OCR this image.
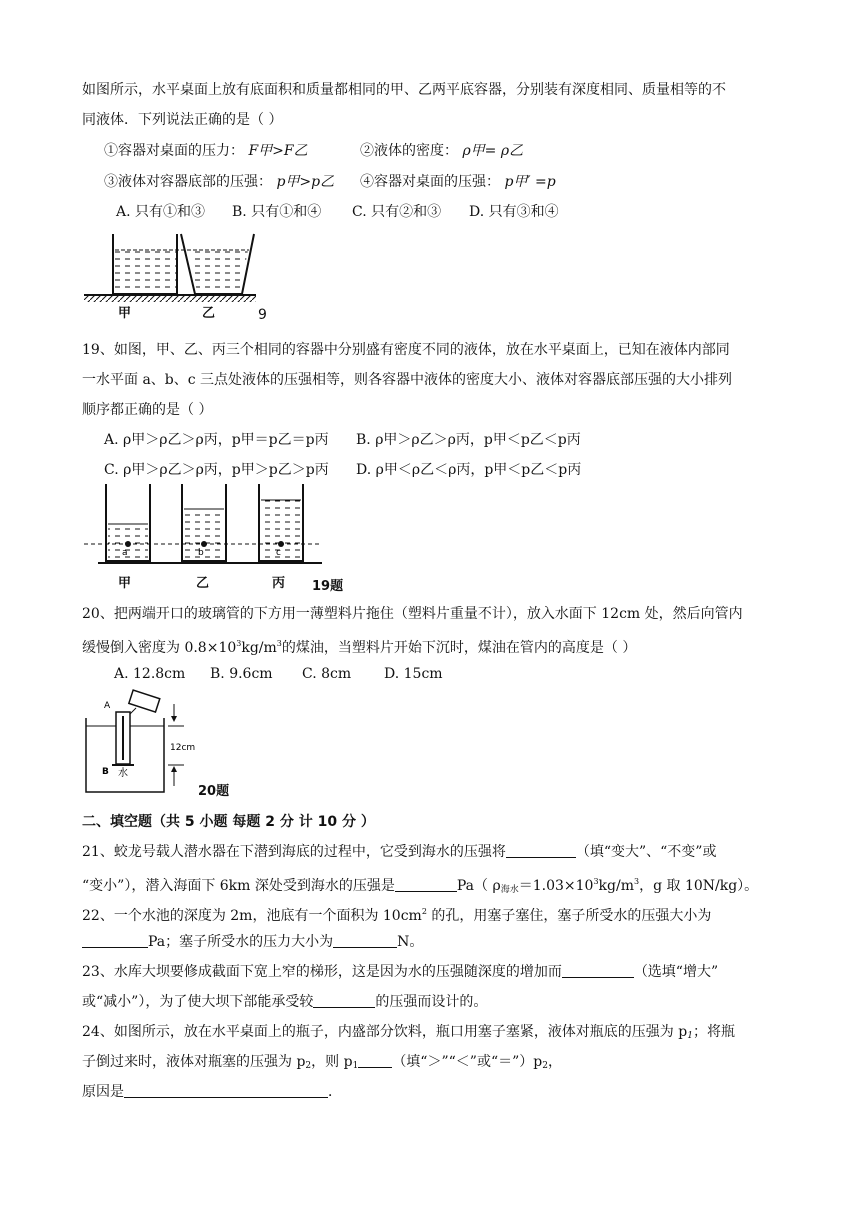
如图所示，水平桌面上放有底面积和质量都相同的甲、乙两平底容器，分别装有深度相同、质量相等的不
同液体．下列说法正确的是（ ）
①容器对桌面的压力： F甲>F乙	②液体的密度： ρ甲= ρ乙
③液体对容器底部的压强： p甲>p乙 ④容器对桌面的压强： p甲′ =p
A. 只有①和③ B. 只有①和④ C. 只有②和③ D. 只有③和④
甲	乙	9
19、如图，甲、乙、丙三个相同的容器中分别盛有密度不同的液体，放在水平桌面上，已知在液体内部同
一水平面 a、b、c 三点处液体的压强相等，则各容器中液体的密度大小、液体对容器底部压强的大小排列
顺序都正确的是（ ）
A. ρ甲＞ρ乙＞ρ丙，p甲＝p乙＝p丙 B. ρ甲＞ρ乙＞ρ丙，p甲＜p乙＜p丙
C. ρ甲＞ρ乙＞ρ丙，p甲＞p乙＞p丙 D. ρ甲＜ρ乙＜ρ丙，p甲＜p乙＜p丙
a	b	c
甲	乙	丙 19题
20、把两端开口的玻璃管的下方用一薄塑料片拖住（塑料片重量不计），放入水面下 12cm 处，然后向管内
缓慢倒入密度为 $0.8\times 10^3kg/m^3$的煤油，当塑料片开始下沉时，煤油在管内的高度是（ ）
A. 12.8cm B. 9.6cm C. 8cm D. 15cm
A
B 水
12cm
20题
二、填空题（共 5 小题 每题 2 分 计 10 分 ）
21、蛟龙号载人潜水器在下潜到海底的过程中，它受到海水的压强将	（填“变大”、“不变”或
“变小”），潜入海面下 6km 深处受到海水的压强是	Pa（ $\rho_{海水}=1.03\times 10^3kg/m^3$，g 取 10N/kg）。
22、一个水池的深度为 2m，池底有一个面积为 $10cm^2$ 的孔，用塞子塞住，塞子所受水的压强大小为
Pa；塞子所受水的压力大小为	N。
23、水库大坝要修成截面下宽上窄的梯形，这是因为水的压强随深度的增加而	（选填“增大”
或“减小”），为了使大坝下部能承受较	的压强而设计的。
24、如图所示，放在水平桌面上的瓶子，内盛部分饮料，瓶口用塞子塞紧，液体对瓶底的压强为 $p_1$；将瓶
子倒过来时，液体对瓶塞的压强为 $p_2$，则 $p_1$ （填“＞”“＜”或“$=”)p_2$，
原因是	．
